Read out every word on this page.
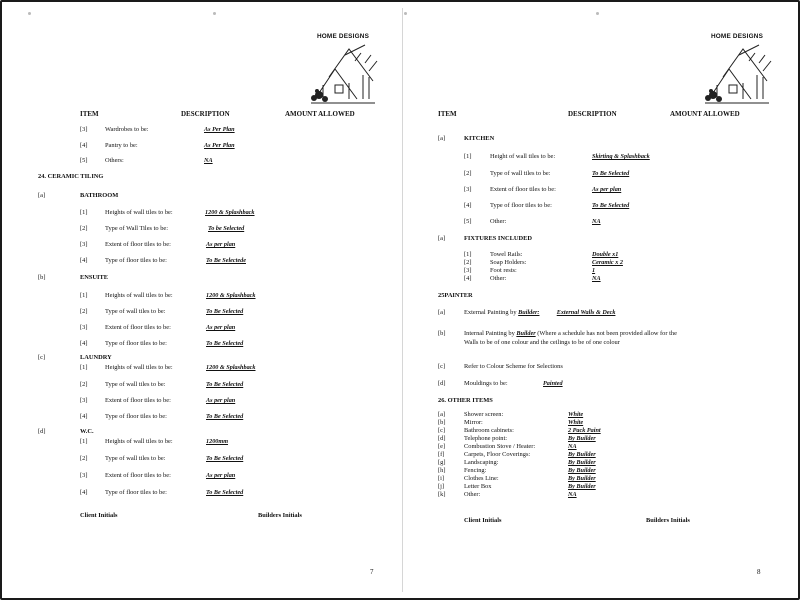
HOME DESIGNS
ITEM	DESCRIPTION	AMOUNT ALLOWED
[3]	Wardrobes to be:	As Per Plan
[4]	Pantry to be:	As Per Plan
[5]	Others:	NA
24. CERAMIC TILING
[a]	BATHROOM
[1]	Heights of wall tiles to be:	1200 & Splashback
[2]	Type of Wall Tiles to be:	To be Selected
[3]	Extent of floor tiles to be:	As per plan
[4]	Type of floor tiles to be:	To Be Selectede
[b]	ENSUITE
[1]	Heights of wall tiles to be:	1200 & Splashback
[2]	Type of wall tiles to be:	To Be Selected
[3]	Extent of floor tiles to be:	As per plan
[4]	Type of floor tiles to be:	To Be Selected
[c]	LAUNDRY
[1]	Heights of wall tiles to be:	1200 & Splashback
[2]	Type of wall tiles to be:	To Be Selected
[3]	Extent of floor tiles to be:	As per plan
[4]	Type of floor tiles to be:	To Be Selected
[d]	W.C.
[1]	Heights of wall tiles to be:	1200mm
[2]	Type of wall tiles to be:	To Be Selected
[3]	Extent of floor tiles to be:	As per plan
[4]	Type of floor tiles to be:	To Be Selected
Client Initials	Builders Initials
7
HOME DESIGNS
ITEM	DESCRIPTION	AMOUNT ALLOWED
[a]	KITCHEN
[1]	Height of wall tiles to be:	Skirting & Splashback
[2]	Type of wall tiles to be:	To Be Selected
[3]	Extent of floor tiles to be:	As per plan
[4]	Type of floor tiles to be:	To Be Selected
[5]	Other:	NA
[a]	FIXTURES INCLUDED
[1]	Towel Rails:	Double x1
[2]	Soap Holders:	Ceramic x 2
[3]	Foot rests:	1
[4]	Other:	NA
25PAINTER
[a]	External Painting by Builder:	External Walls & Deck
[b]	Internal Painting by Builder (Where a schedule has not been provided allow for the
Walls to be of one colour and the ceilings to be of one colour
[c]	Refer to Colour Scheme for Selections
[d]	Mouldings to be:	Painted
26. OTHER ITEMS
[a]	Shower screen:	White
[b]	Mirror:	White
[c]	Bathroom cabinets:	2 Pack Paint
[d]	Telephone point:	By Builder
[e]	Combustion Stove / Heater:	NA
[f]	Carpets, Floor Coverings:	By Builder
[g]	Landscaping:	By Builder
[h]	Fencing:	By Builder
[i]	Clothes Line:	By Builder
[j]	Letter Box	By Builder
[k]	Other:	NA
Client Initials	Builders Initials
8
